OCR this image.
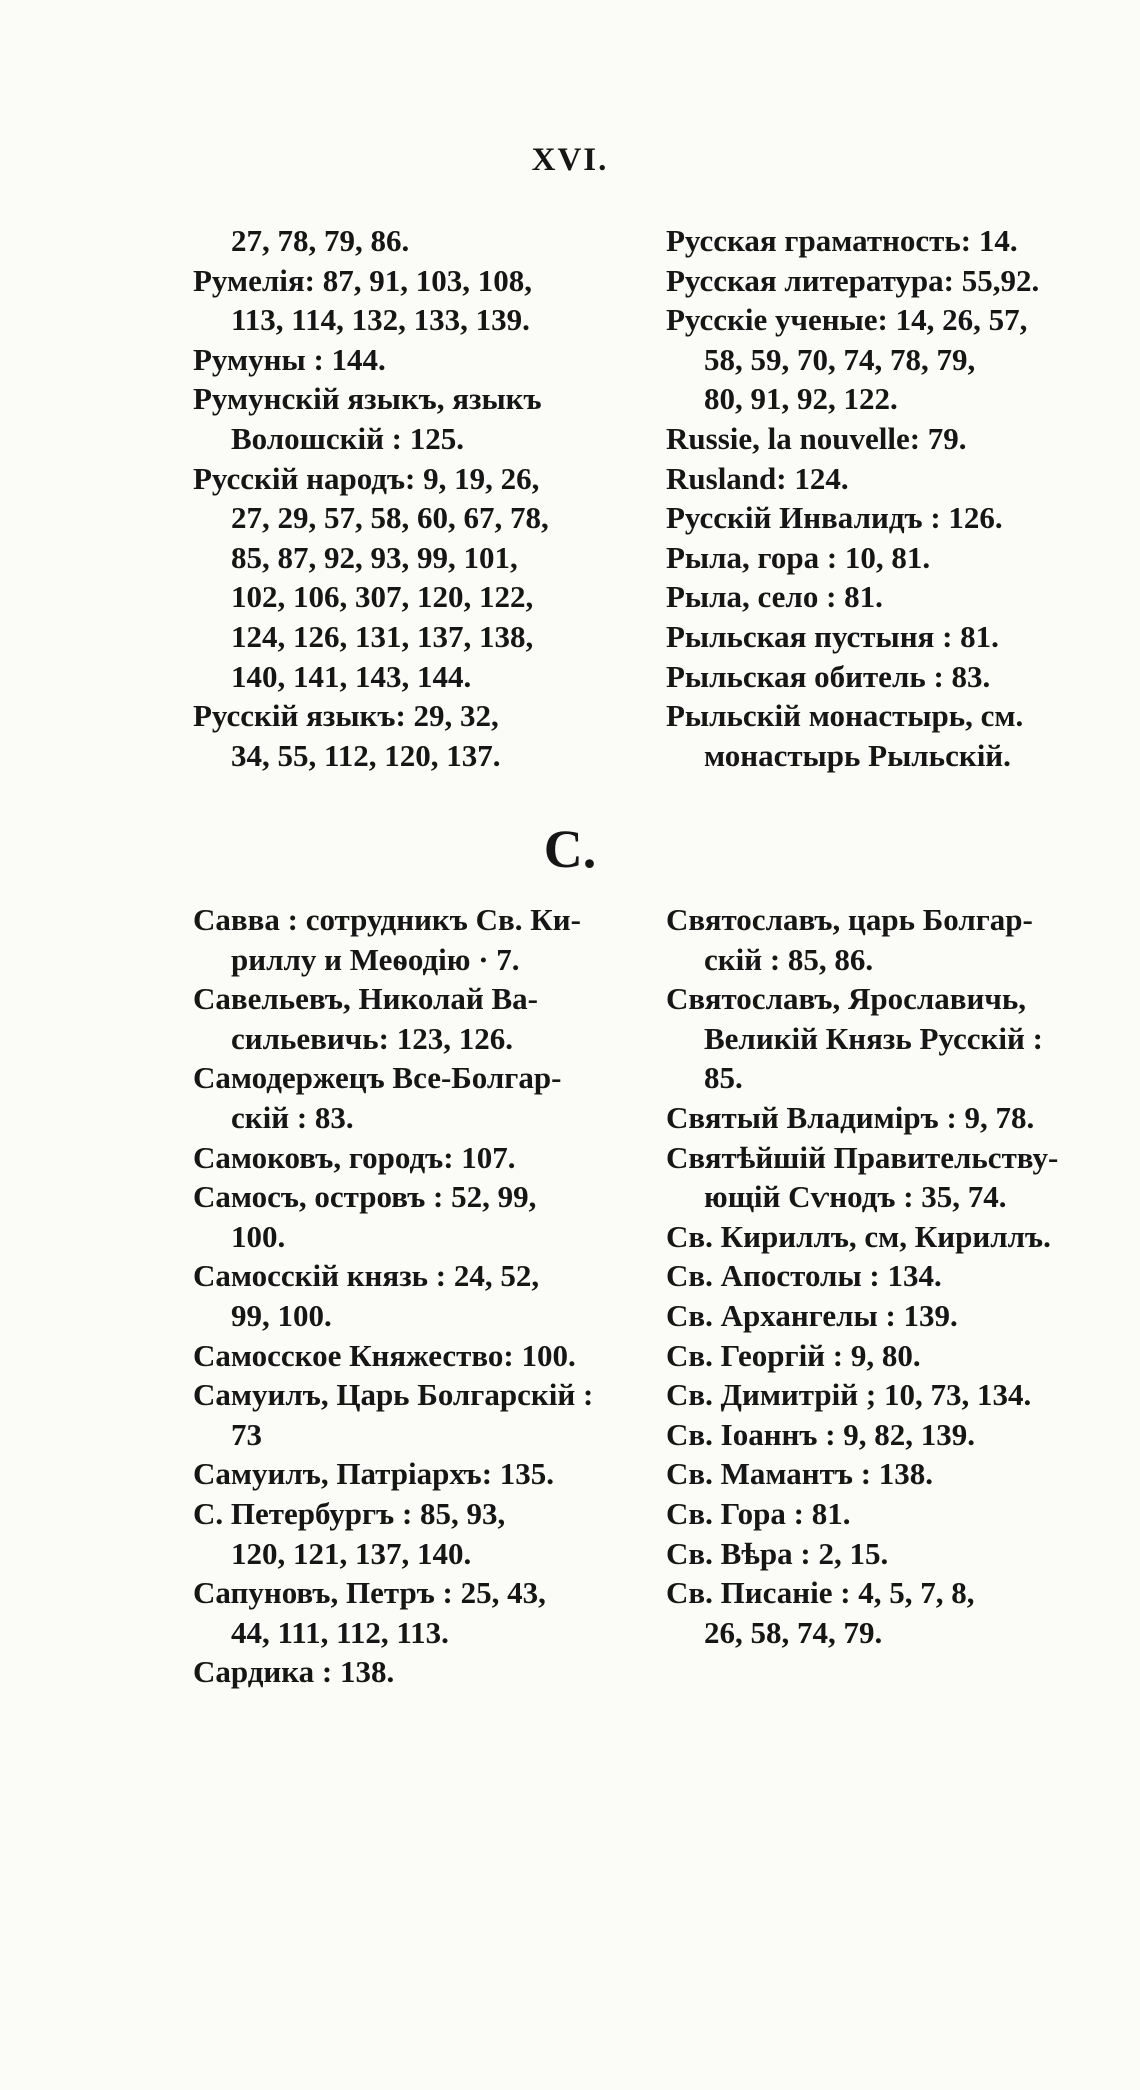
XVI.
27, 78, 79, 86.
Румелія: 87, 91, 103, 108,
113, 114, 132, 133, 139.
Румуны : 144.
Румунскій языкъ, языкъ
Волошскій : 125.
Русскій народъ: 9, 19, 26,
27, 29, 57, 58, 60, 67, 78,
85, 87, 92, 93, 99, 101,
102, 106, 307, 120, 122,
124, 126, 131, 137, 138,
140, 141, 143, 144.
Русскій языкъ: 29, 32,
34, 55, 112, 120, 137.
Русская граматность: 14.
Русская литература: 55,92.
Русскіе ученые: 14, 26, 57,
58, 59, 70, 74, 78, 79,
80, 91, 92, 122.
Russie, la nouvelle: 79.
Rusland: 124.
Русскій Инвалидъ : 126.
Рыла, гора : 10, 81.
Рыла, село : 81.
Рыльская пустыня : 81.
Рыльская обитель : 83.
Рыльскій монастырь, см.
монастырь Рыльскій.
С.
Савва : сотрудникъ Св. Ки-
риллу и Меѳодію · 7.
Савельевъ, Николай Ва-
сильевичь: 123, 126.
Самодержецъ Все-Болгар-
скій : 83.
Самоковъ, городъ: 107.
Самосъ, островъ : 52, 99,
100.
Самосскій князь : 24, 52,
99, 100.
Самосское Княжество: 100.
Самуилъ, Царь Болгарскій :
73
Самуилъ, Патріархъ: 135.
С. Петербургъ : 85, 93,
120, 121, 137, 140.
Сапуновъ, Петръ : 25, 43,
44, 111, 112, 113.
Сардика : 138.
Святославъ, царь Болгар-
скій : 85, 86.
Святославъ, Ярославичь,
Великій Князь Русскій :
85.
Святый Владиміръ : 9, 78.
Святѣйшій Правительству-
ющій Сѵнодъ : 35, 74.
Св. Кириллъ, см, Кириллъ.
Св. Апостолы : 134.
Св. Архангелы : 139.
Св. Георгій : 9, 80.
Св. Димитрій ; 10, 73, 134.
Св. Іоаннъ : 9, 82, 139.
Св. Мамантъ : 138.
Св. Гора : 81.
Св. Вѣра : 2, 15.
Св. Писаніе : 4, 5, 7, 8,
26, 58, 74, 79.
